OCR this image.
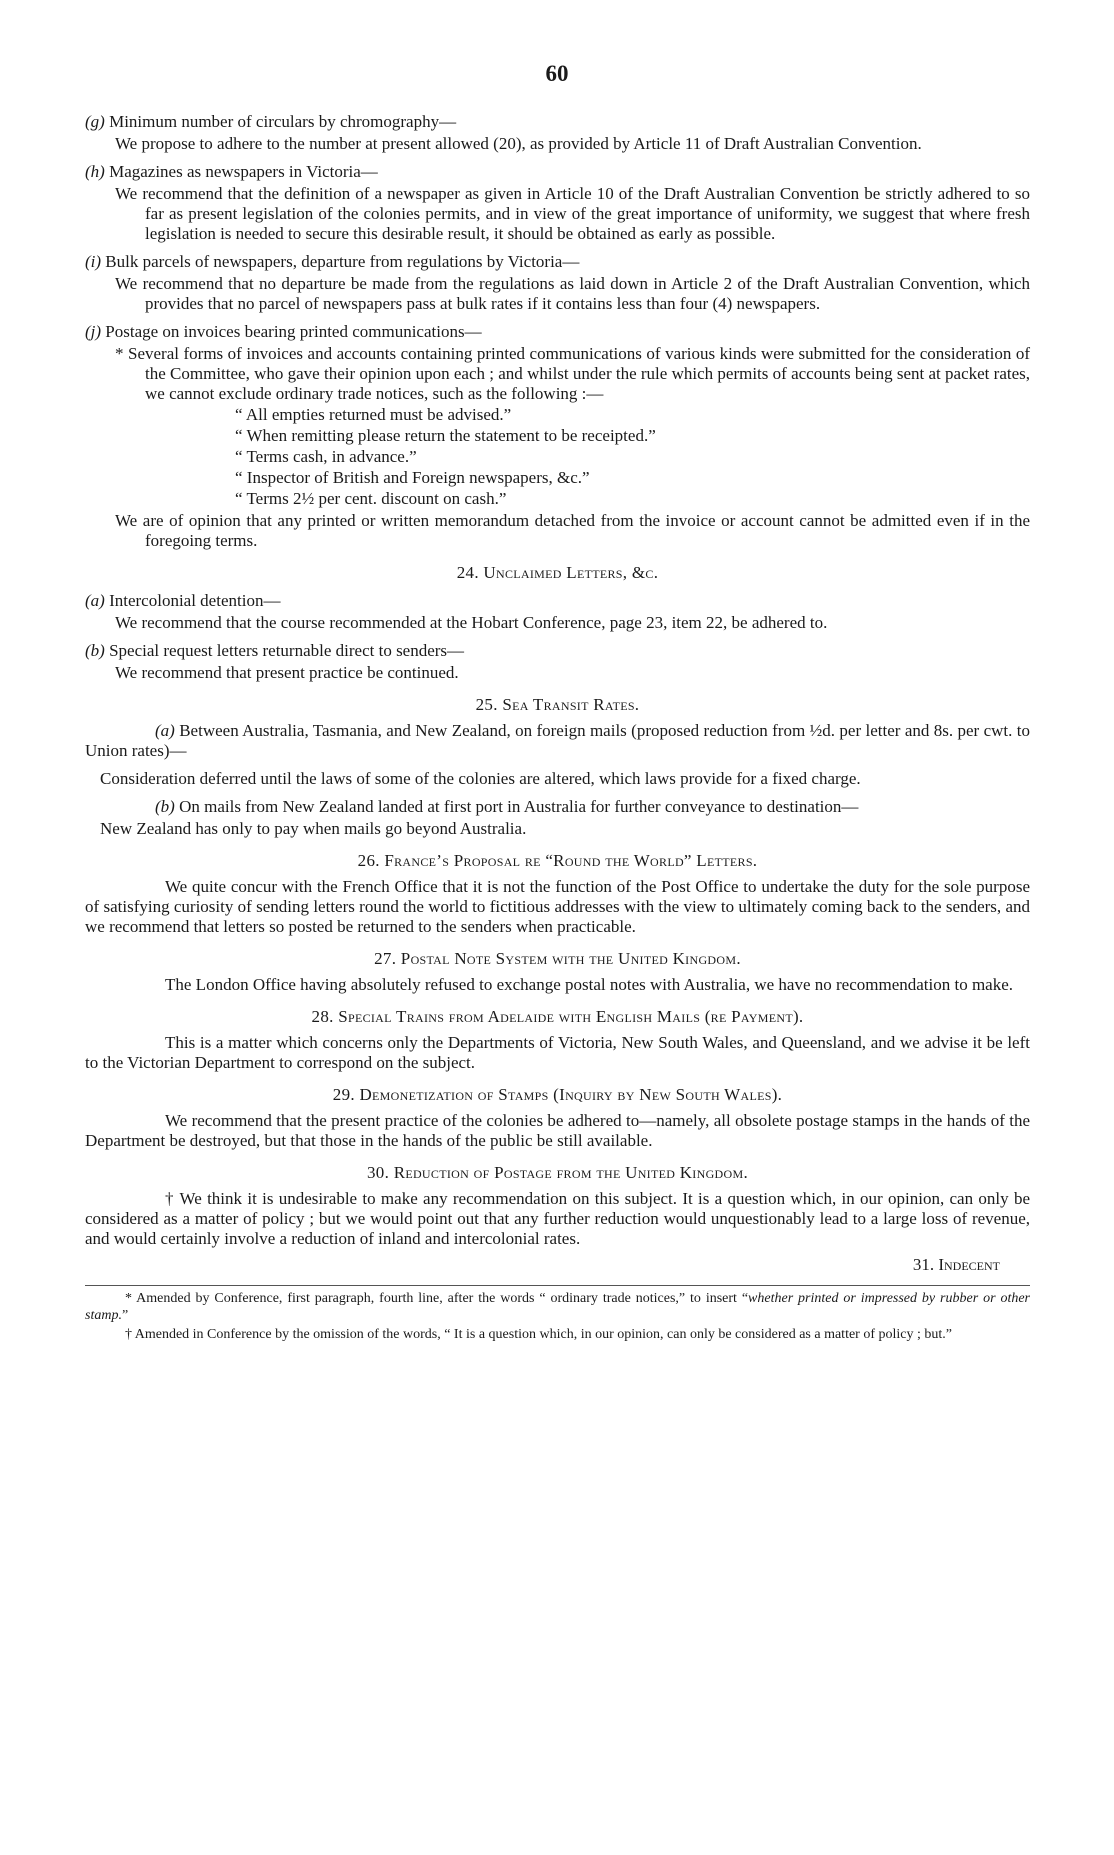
60
(g) Minimum number of circulars by chromography—

We propose to adhere to the number at present allowed (20), as provided by Article 11 of Draft Australian Convention.

(h) Magazines as newspapers in Victoria—

We recommend that the definition of a newspaper as given in Article 10 of the Draft Australian Convention be strictly adhered to so far as present legislation of the colonies permits, and in view of the great importance of uniformity, we suggest that where fresh legislation is needed to secure this desirable result, it should be obtained as early as possible.

(i) Bulk parcels of newspapers, departure from regulations by Victoria—

We recommend that no departure be made from the regulations as laid down in Article 2 of the Draft Australian Convention, which provides that no parcel of newspapers pass at bulk rates if it contains less than four (4) newspapers.

(j) Postage on invoices bearing printed communications—

* Several forms of invoices and accounts containing printed communications of various kinds were submitted for the consideration of the Committee, who gave their opinion upon each ; and whilst under the rule which permits of accounts being sent at packet rates, we cannot exclude ordinary trade notices, such as the following :—

“ All empties returned must be advised.”

“ When remitting please return the statement to be receipted.”

“ Terms cash, in advance.”

“ Inspector of British and Foreign newspapers, &c.”

“ Terms 2½ per cent. discount on cash.”

We are of opinion that any printed or written memorandum detached from the invoice or account cannot be admitted even if in the foregoing terms.

24. Unclaimed Letters, &c.

(a) Intercolonial detention—

We recommend that the course recommended at the Hobart Conference, page 23, item 22, be adhered to.

(b) Special request letters returnable direct to senders—

We recommend that present practice be continued.

25. Sea Transit Rates.

(a) Between Australia, Tasmania, and New Zealand, on foreign mails (proposed reduction from ½d. per letter and 8s. per cwt. to Union rates)—

Consideration deferred until the laws of some of the colonies are altered, which laws provide for a fixed charge.

(b) On mails from New Zealand landed at first port in Australia for further conveyance to destination—

New Zealand has only to pay when mails go beyond Australia.

26. France’s Proposal re “Round the World” Letters.

We quite concur with the French Office that it is not the function of the Post Office to undertake the duty for the sole purpose of satisfying curiosity of sending letters round the world to fictitious addresses with the view to ultimately coming back to the senders, and we recommend that letters so posted be returned to the senders when practicable.

27. Postal Note System with the United Kingdom.

The London Office having absolutely refused to exchange postal notes with Australia, we have no recommendation to make.

28. Special Trains from Adelaide with English Mails (re Payment).

This is a matter which concerns only the Departments of Victoria, New South Wales, and Queensland, and we advise it be left to the Victorian Department to correspond on the subject.

29. Demonetization of Stamps (Inquiry by New South Wales).

We recommend that the present practice of the colonies be adhered to—namely, all obsolete postage stamps in the hands of the Department be destroyed, but that those in the hands of the public be still available.

30. Reduction of Postage from the United Kingdom.

† We think it is undesirable to make any recommendation on this subject. It is a question which, in our opinion, can only be considered as a matter of policy ; but we would point out that any further reduction would unquestionably lead to a large loss of revenue, and would certainly involve a reduction of inland and intercolonial rates.

31. Indecent

* Amended by Conference, first paragraph, fourth line, after the words “ ordinary trade notices,” to insert “whether printed or impressed by rubber or other stamp.”

† Amended in Conference by the omission of the words, “ It is a question which, in our opinion, can only be considered as a matter of policy ; but.”
